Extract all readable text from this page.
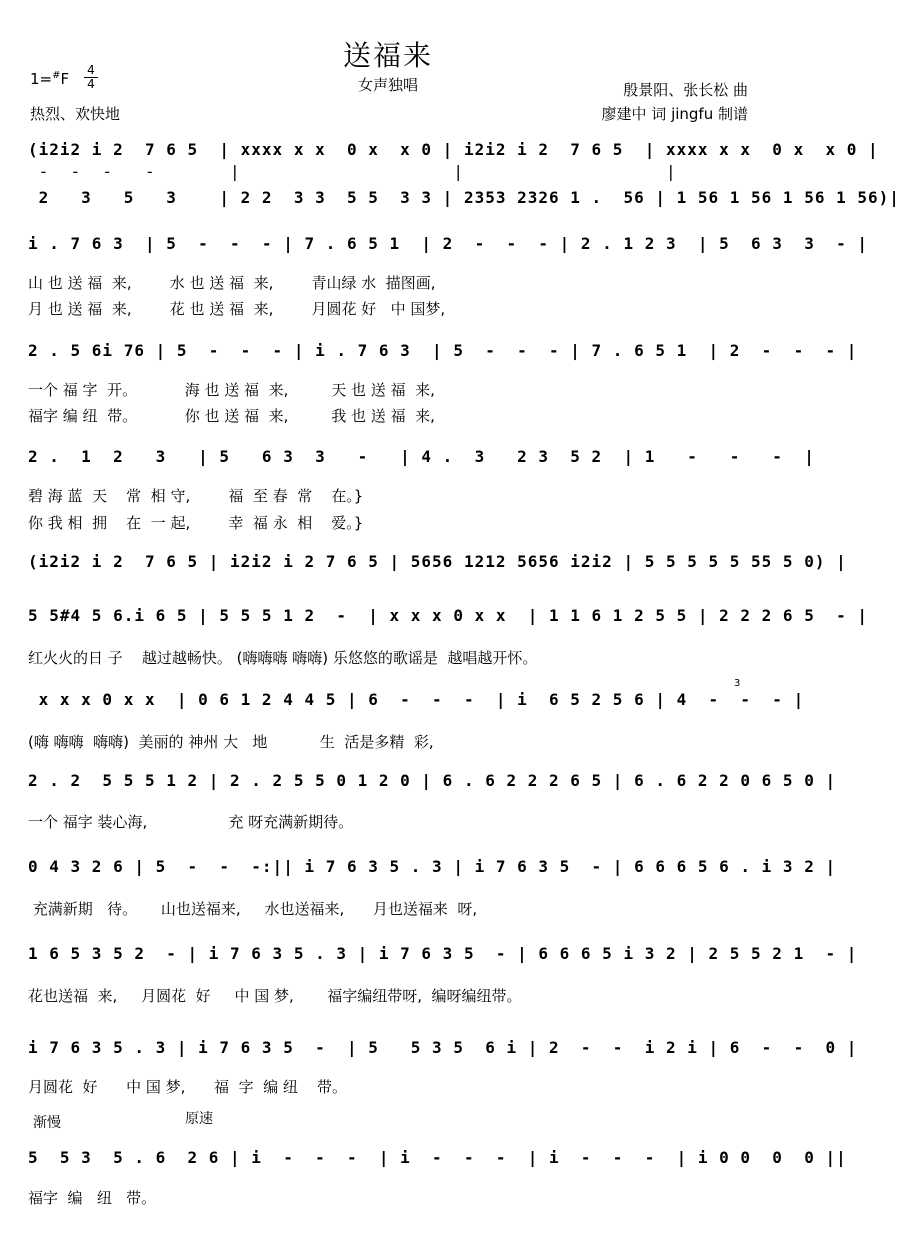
送福来
女声独唱
1=#F 4
4
热烈、欢快地
殷景阳、张长松 曲
廖建中 词 jingfu 制谱
(i2i2 i 2  7 6 5  | xxxx x x  0 x  x 0 | i2i2 i 2  7 6 5  | xxxx x x  0 x  x 0 |
-  -  -   -       |                    |                   |
2   3   5   3    | 2 2  3 3  5 5  3 3 | 2353 2326 1 .  56 | 1 56 1 56 1 56 1 56)|
i . 7 6 3  | 5  -  -  - | 7 . 6 5 1  | 2  -  -  - | 2 . 1 2 3  | 5  6 3  3  - |
山 也 送 福  来,        水 也 送 福  来,        青山绿 水  描图画,
月 也 送 福  来,        花 也 送 福  来,        月圆花 好   中 国梦,
2 . 5 6i 76 | 5  -  -  - | i . 7 6 3  | 5  -  -  - | 7 . 6 5 1  | 2  -  -  - |
一个 福 字  开。          海 也 送 福  来,         天 也 送 福  来,
福字 编 纽  带。          你 也 送 福  来,         我 也 送 福  来,
2 .  1  2   3   | 5   6 3  3   -   | 4 .  3   2 3  5 2  | 1   -   -   -  |
碧 海 蓝  天    常  相 守,        福  至 春  常    在。}
你 我 相  拥    在  一 起,        幸  福 永  相    爱。}
(i2i2 i 2  7 6 5 | i2i2 i 2 7 6 5 | 5656 1212 5656 i2i2 | 5 5 5 5 5 55 5 0) |
5 5#4 5 6.i 6 5 | 5 5 5 1 2  -  | x x x 0 x x  | 1 1 6 1 2 5 5 | 2 2 2 6 5  - |
红火火的日 子    越过越畅快。 (嗨嗨嗨 嗨嗨) 乐悠悠的歌谣是  越唱越开怀。
x x x 0 x x  | 0 6 1 2 4 4 5 | 6  -  -  -  | i  6 5 2 5 6 | 4  -  -  - |
(嗨 嗨嗨  嗨嗨)  美丽的 神州 大   地           生  活是多精  彩,
2 . 2  5 5 5 1 2 | 2 . 2 5 5 0 1 2 0 | 6 . 6 2 2 2 6 5 | 6 . 6 2 2 0 6 5 0 |
一个 福字 装心海,                 充 呀充满新期待。
0 4 3 2 6 | 5  -  -  -:|| i 7 6 3 5 . 3 | i 7 6 3 5  - | 6 6 6 5 6 . i 3 2 |
充满新期   待。     山也送福来,     水也送福来,      月也送福来  呀,
1 6 5 3 5 2  - | i 7 6 3 5 . 3 | i 7 6 3 5  - | 6 6 6 5 i 3 2 | 2 5 5 2 1  - |
花也送福  来,     月圆花  好     中 国 梦,       福字编纽带呀,  编呀编纽带。
i 7 6 3 5 . 3 | i 7 6 3 5  -  | 5   5 3 5  6 i | 2  -  -  i 2 i | 6  -  -  0 |
月圆花  好      中 国 梦,      福  字  编 纽    带。
渐慢	原速
3
5  5 3  5 . 6  2 6 | i  -  -  -  | i  -  -  -  | i  -  -  -  | i 0 0  0  0 ||
福字  编   纽   带。
